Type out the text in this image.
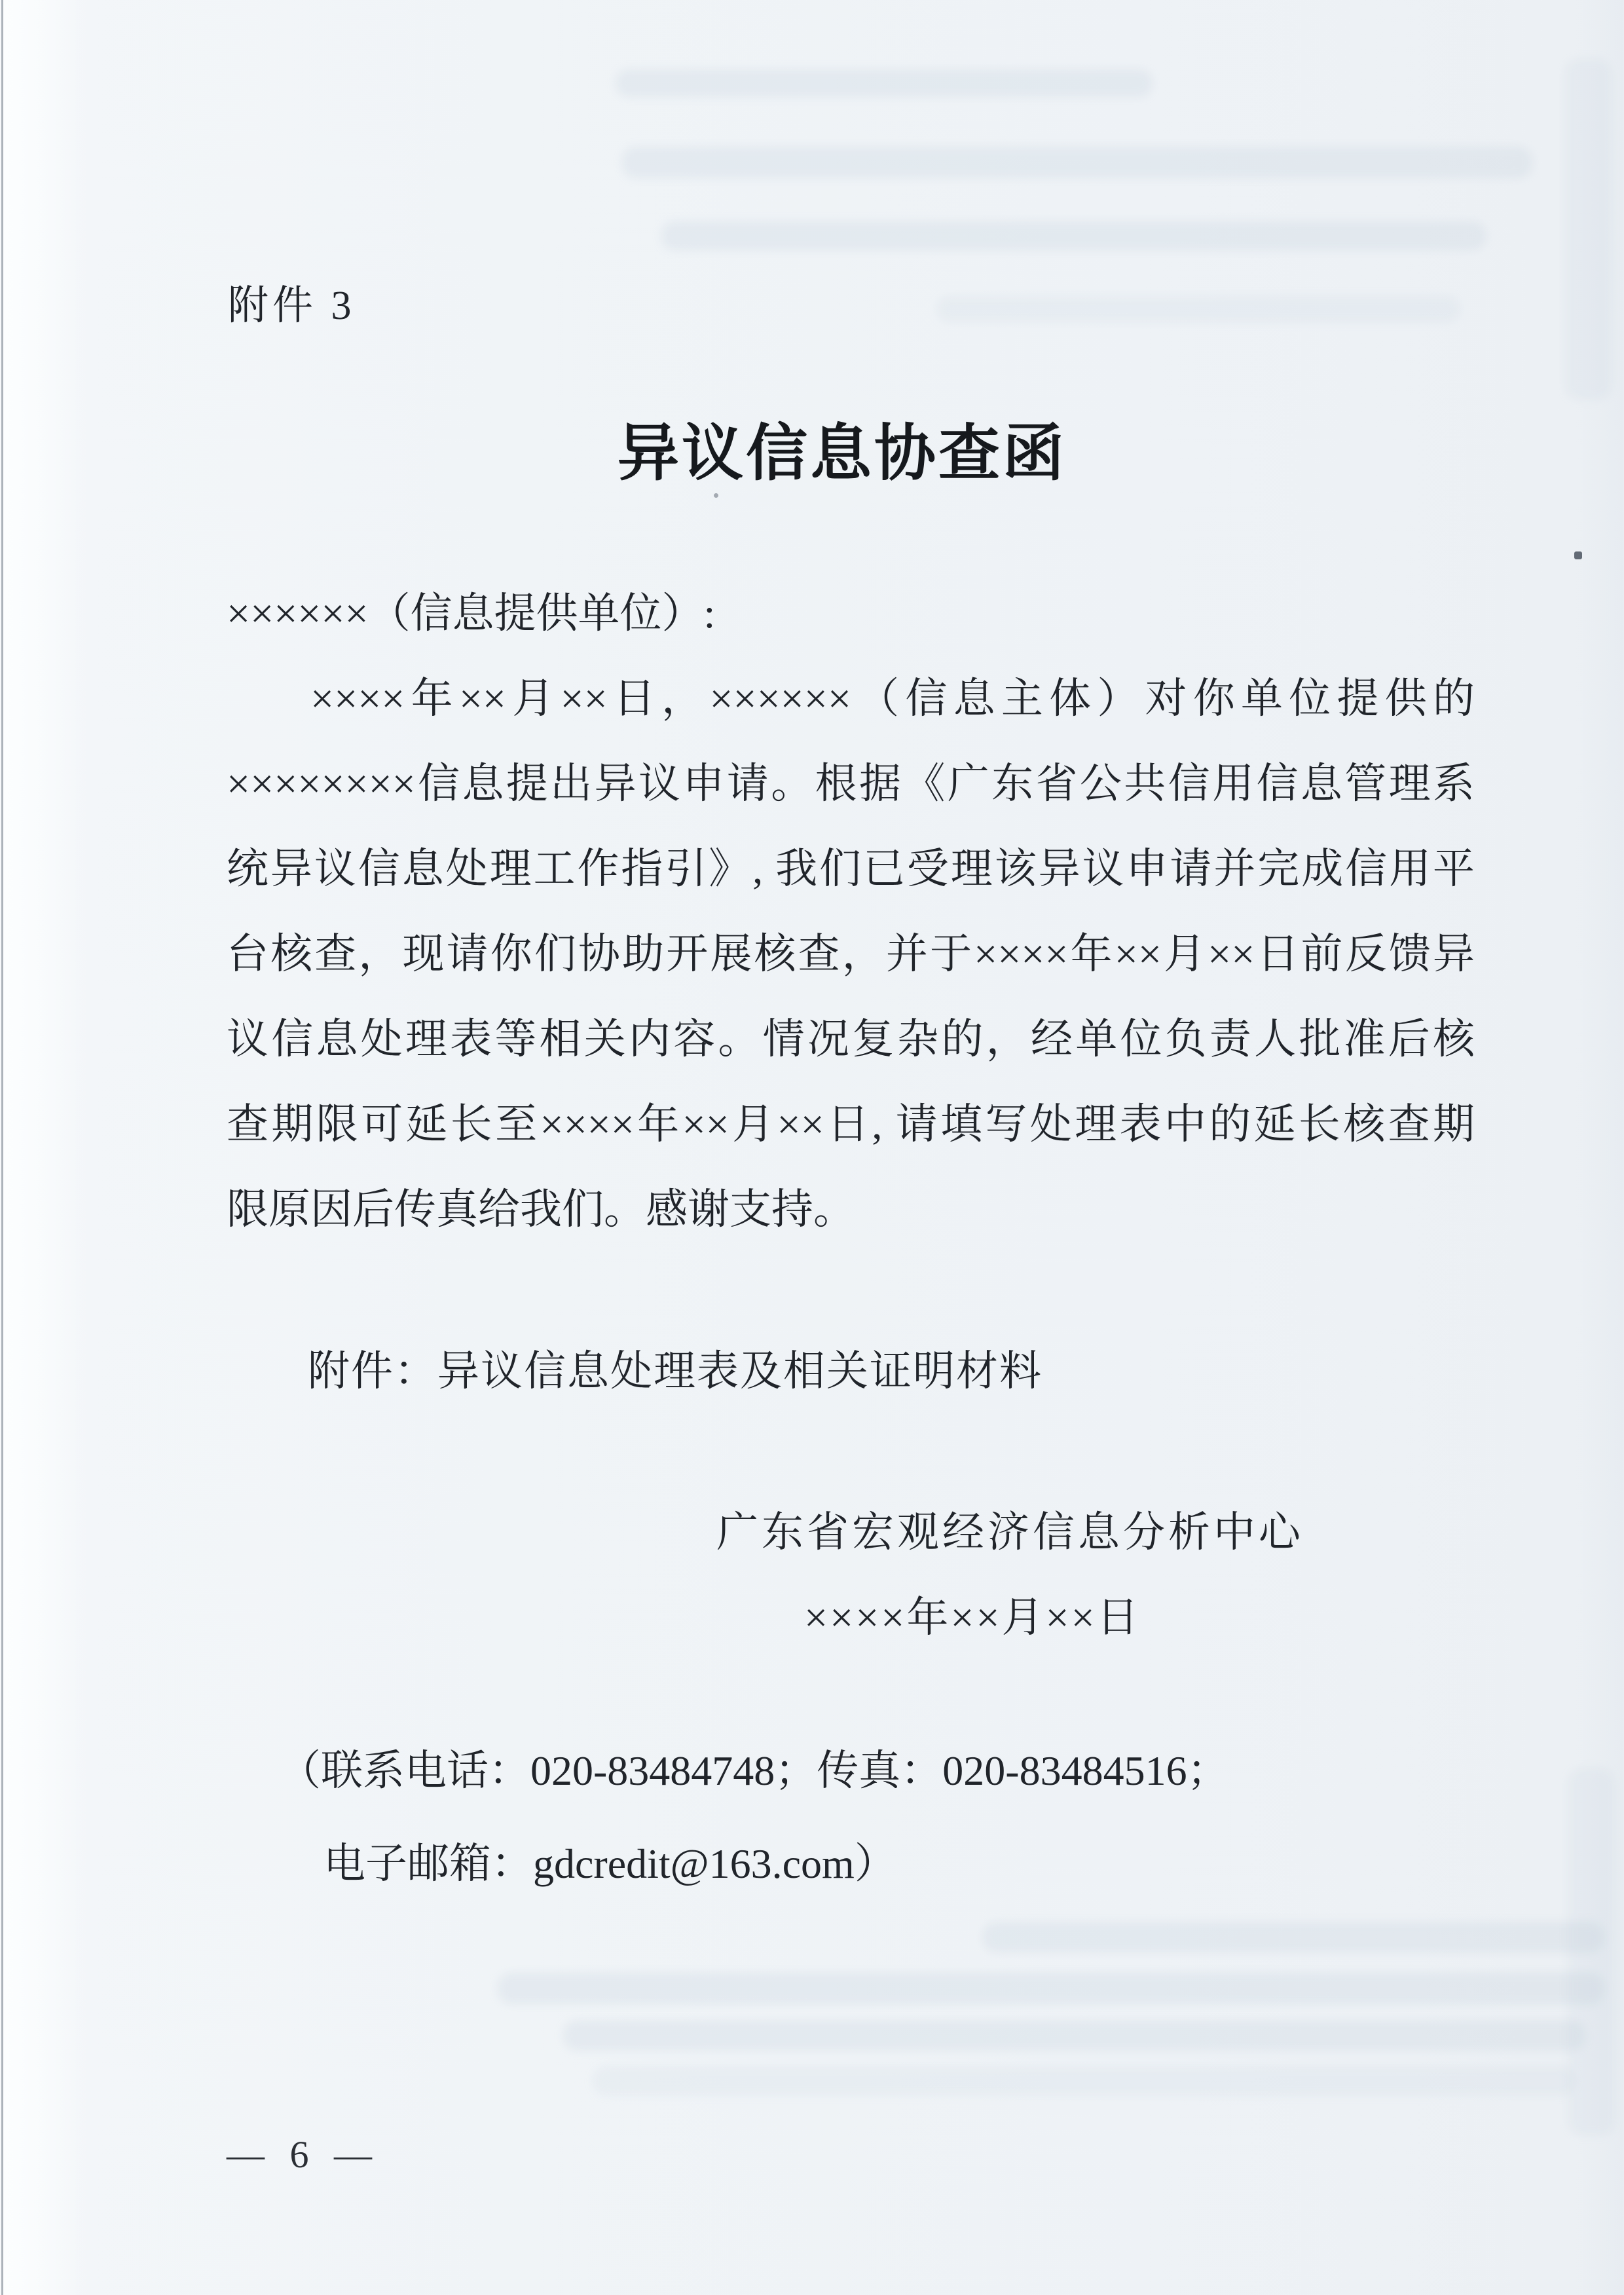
附件 3
异议信息协查函

××××××（信息提供单位）:

××××年××月××日，××××××（信息主体）对你单位提供的

××××××××信息提出异议申请。根据《广东省公共信用信息管理系

统异议信息处理工作指引》, 我们已受理该异议申请并完成信用平

台核查，现请你们协助开展核查，并于××××年××月××日前反馈异

议信息处理表等相关内容。情况复杂的，经单位负责人批准后核

查期限可延长至××××年××月××日, 请填写处理表中的延长核查期

限原因后传真给我们。感谢支持。

附件：异议信息处理表及相关证明材料
广东省宏观经济信息分析中心
××××年××月××日
（联系电话：020-83484748；传真：020-83484516；
电子邮箱：gdcredit@163.com）
— 6 —
